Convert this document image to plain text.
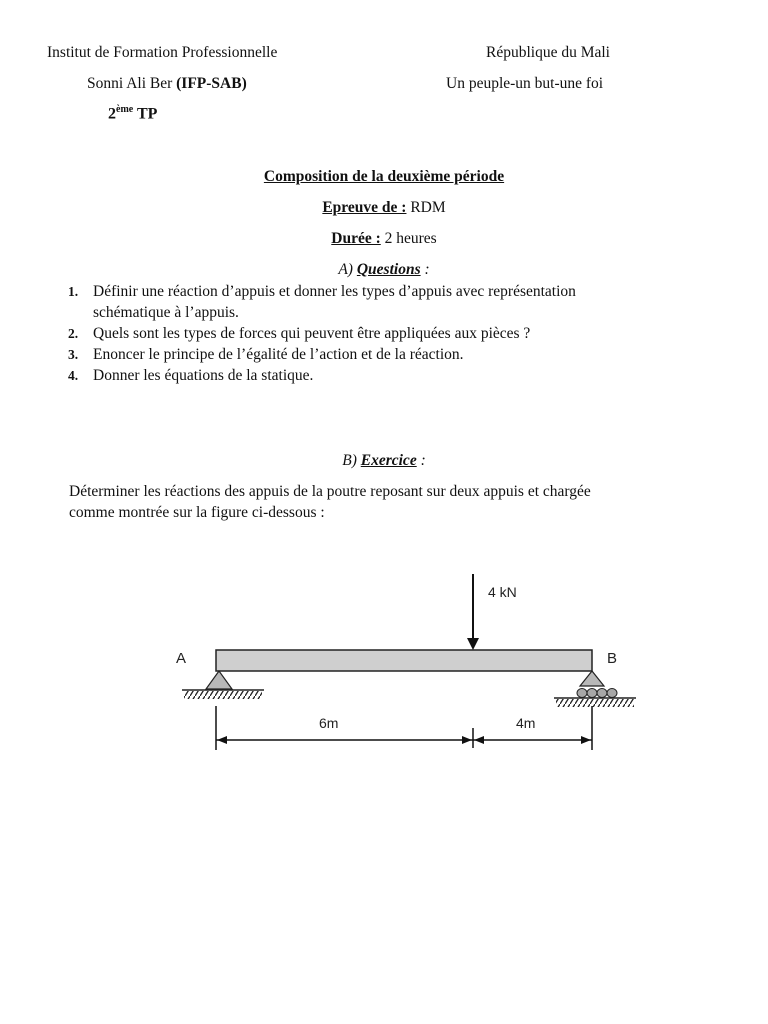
Institut de Formation Professionnelle
Sonni Ali Ber (IFP-SAB)
2ème TP
République du Mali
Un peuple-un but-une foi
Composition de la deuxième période
Epreuve de : RDM
Durée : 2 heures
A) Questions :
1. Définir une réaction d’appuis et donner les types d’appuis avec représentation
schématique à l’appuis.
2. Quels sont les types de forces qui peuvent être appliquées aux pièces ?
3. Enoncer le principe de l’égalité de l’action et de la réaction.
4. Donner les équations de la statique.
B) Exercice :
Déterminer les réactions des appuis de la poutre reposant sur deux appuis et chargée
comme montrée sur la figure ci-dessous :
4 kN
A	B
6m	4m
